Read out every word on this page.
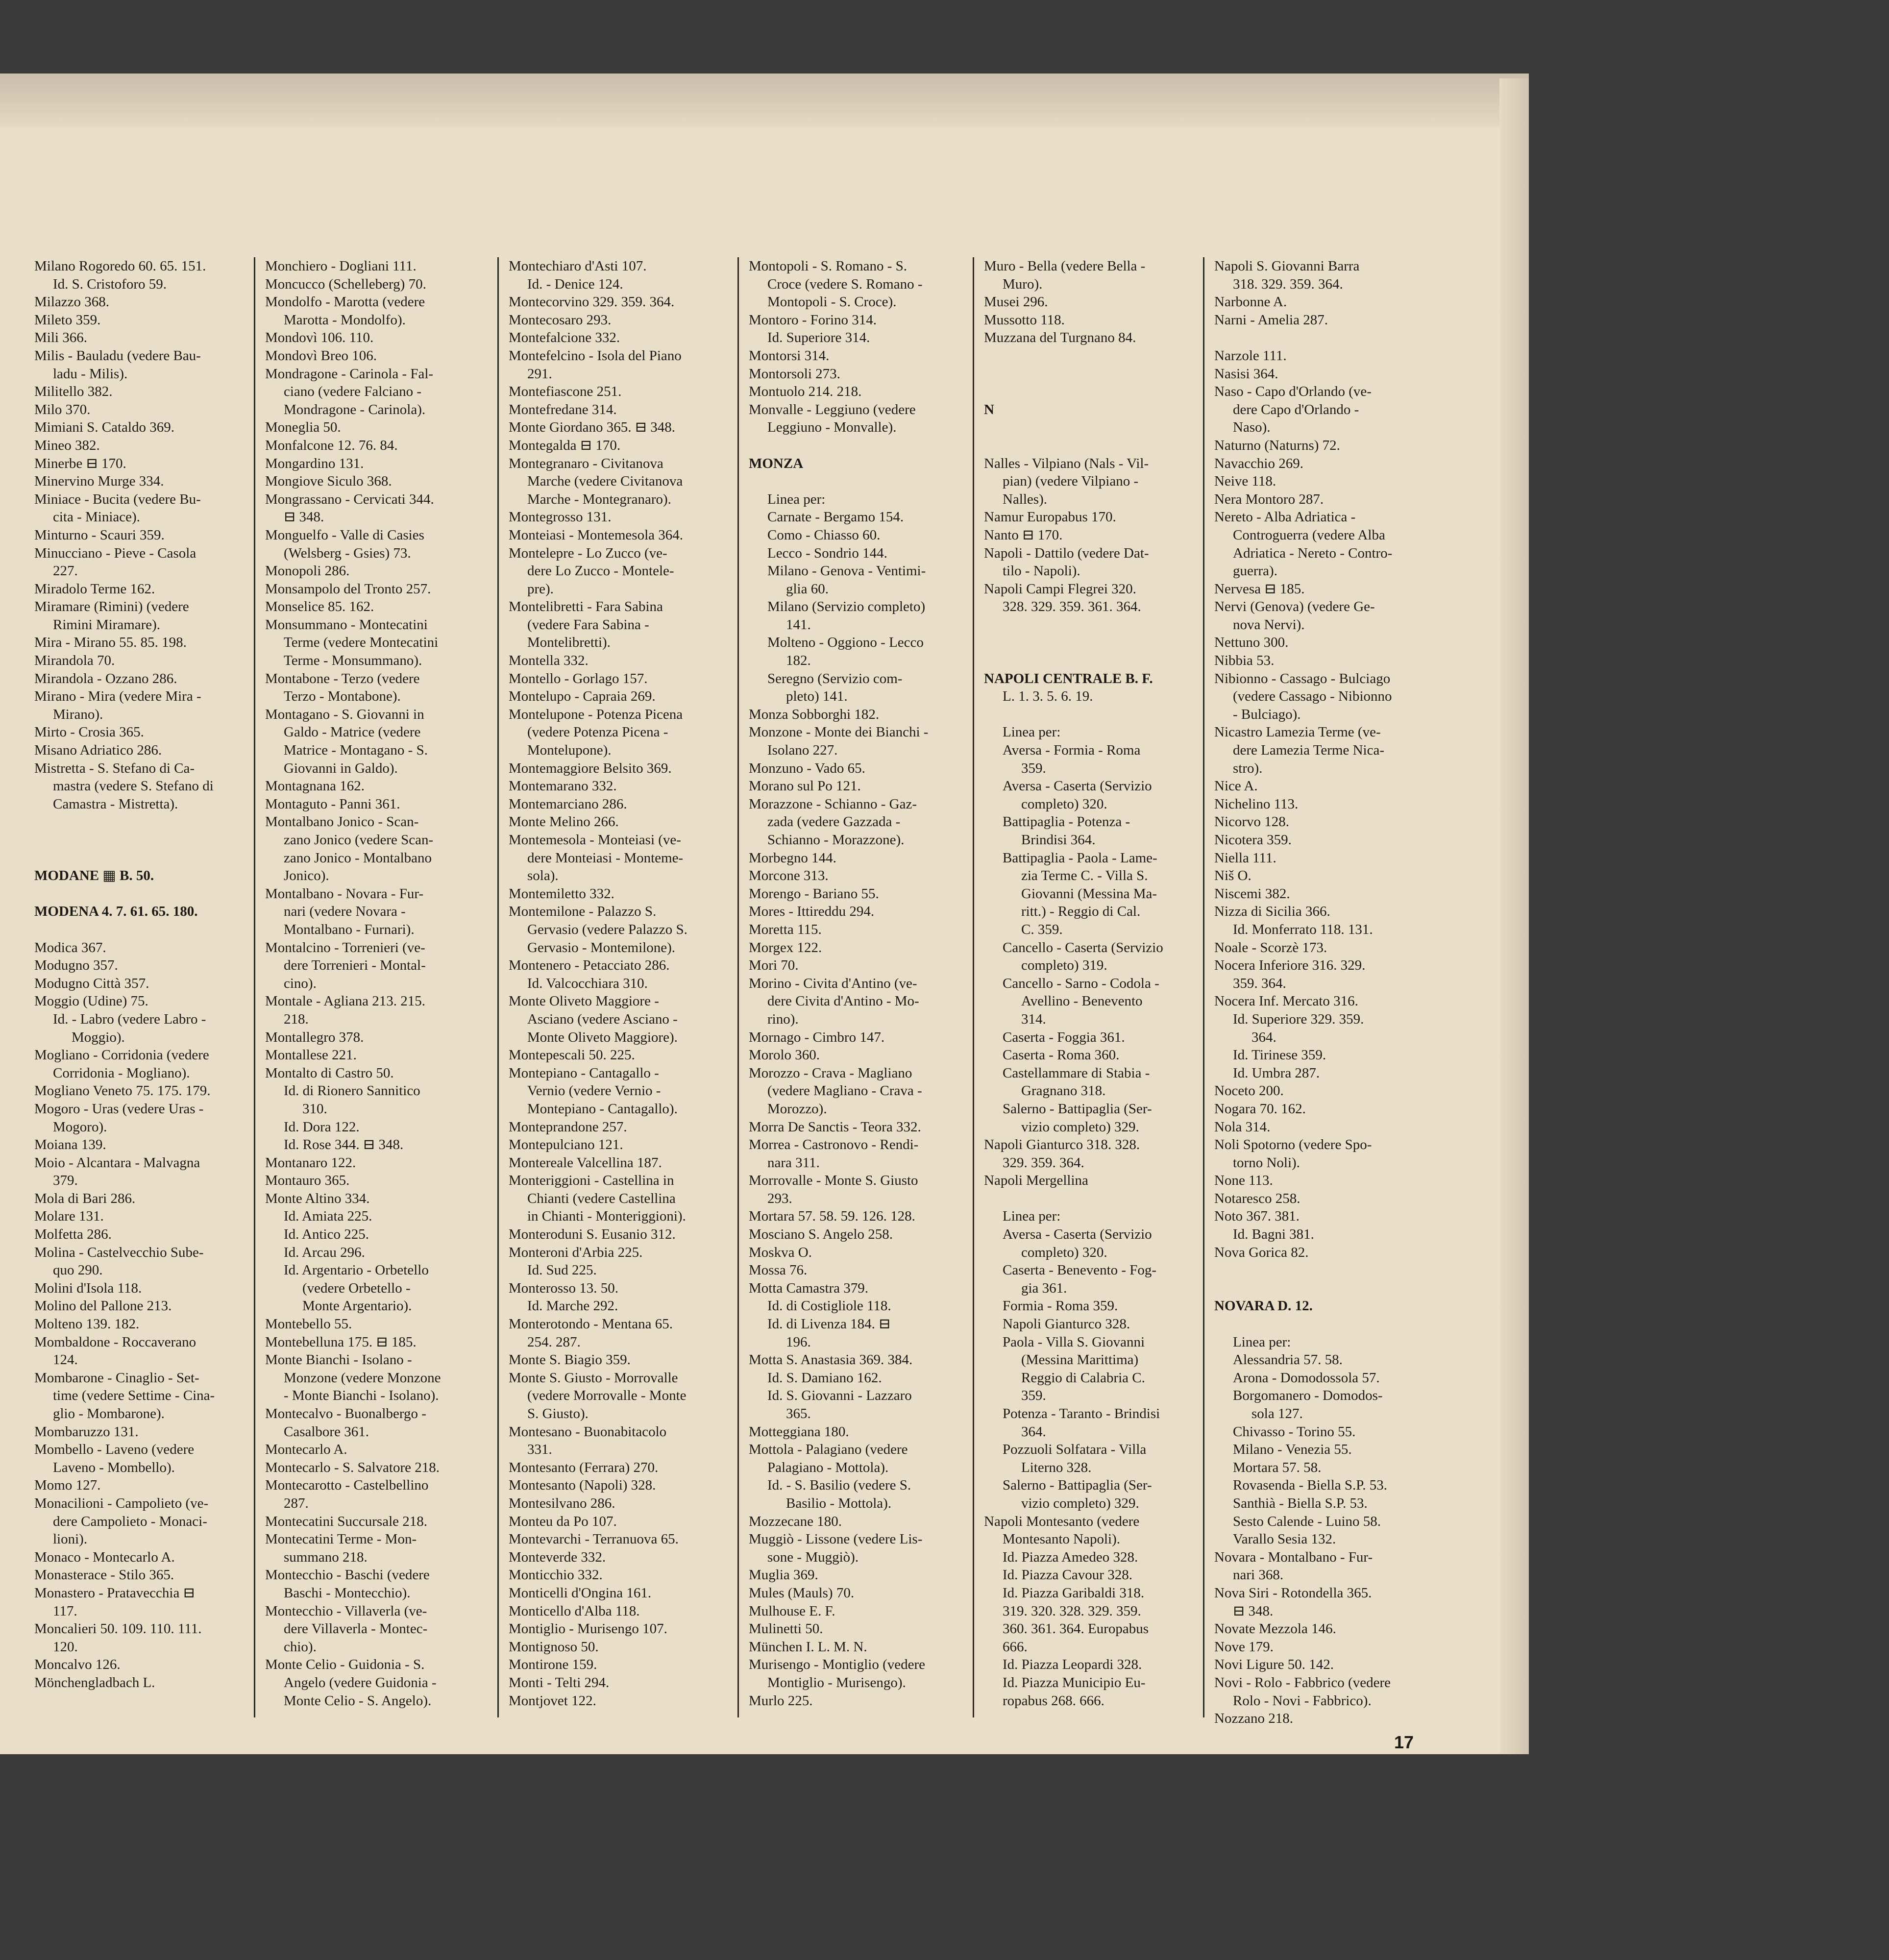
Milano Rogoredo 60. 65. 151.
Id. S. Cristoforo 59.
Milazzo 368.
Mileto 359.
Mili 366.
Milis - Bauladu (vedere Bau-
ladu - Milis).
Militello 382.
Milo 370.
Mimiani S. Cataldo 369.
Mineo 382.
Minerbe ⊟ 170.
Minervino Murge 334.
Miniace - Bucita (vedere Bu-
cita - Miniace).
Minturno - Scauri 359.
Minucciano - Pieve - Casola
227.
Miradolo Terme 162.
Miramare (Rimini) (vedere
Rimini Miramare).
Mira - Mirano 55. 85. 198.
Mirandola 70.
Mirandola - Ozzano 286.
Mirano - Mira (vedere Mira -
Mirano).
Mirto - Crosia 365.
Misano Adriatico 286.
Mistretta - S. Stefano di Ca-
mastra (vedere S. Stefano di
Camastra - Mistretta).
MODANE ▦ B. 50.
MODENA 4. 7. 61. 65. 180.
Modica 367.
Modugno 357.
Modugno Città 357.
Moggio (Udine) 75.
Id. - Labro (vedere Labro -
Moggio).
Mogliano - Corridonia (vedere
Corridonia - Mogliano).
Mogliano Veneto 75. 175. 179.
Mogoro - Uras (vedere Uras -
Mogoro).
Moiana 139.
Moio - Alcantara - Malvagna
379.
Mola di Bari 286.
Molare 131.
Molfetta 286.
Molina - Castelvecchio Sube-
quo 290.
Molini d'Isola 118.
Molino del Pallone 213.
Molteno 139. 182.
Mombaldone - Roccaverano
124.
Mombarone - Cinaglio - Set-
time (vedere Settime - Cina-
glio - Mombarone).
Mombaruzzo 131.
Mombello - Laveno (vedere
Laveno - Mombello).
Momo 127.
Monacilioni - Campolieto (ve-
dere Campolieto - Monaci-
lioni).
Monaco - Montecarlo A.
Monasterace - Stilo 365.
Monastero - Pratavecchia ⊟
117.
Moncalieri 50. 109. 110. 111.
120.
Moncalvo 126.
Mönchengladbach L.
Monchiero - Dogliani 111.
Moncucco (Schelleberg) 70.
Mondolfo - Marotta (vedere
Marotta - Mondolfo).
Mondovì 106. 110.
Mondovì Breo 106.
Mondragone - Carinola - Fal-
ciano (vedere Falciano -
Mondragone - Carinola).
Moneglia 50.
Monfalcone 12. 76. 84.
Mongardino 131.
Mongiove Siculo 368.
Mongrassano - Cervicati 344.
⊟ 348.
Monguelfo - Valle di Casies
(Welsberg - Gsies) 73.
Monopoli 286.
Monsampolo del Tronto 257.
Monselice 85. 162.
Monsummano - Montecatini
Terme (vedere Montecatini
Terme - Monsummano).
Montabone - Terzo (vedere
Terzo - Montabone).
Montagano - S. Giovanni in
Galdo - Matrice (vedere
Matrice - Montagano - S.
Giovanni in Galdo).
Montagnana 162.
Montaguto - Panni 361.
Montalbano Jonico - Scan-
zano Jonico (vedere Scan-
zano Jonico - Montalbano
Jonico).
Montalbano - Novara - Fur-
nari (vedere Novara -
Montalbano - Furnari).
Montalcino - Torrenieri (ve-
dere Torrenieri - Montal-
cino).
Montale - Agliana 213. 215.
218.
Montallegro 378.
Montallese 221.
Montalto di Castro 50.
Id. di Rionero Sannitico
310.
Id. Dora 122.
Id. Rose 344. ⊟ 348.
Montanaro 122.
Montauro 365.
Monte Altino 334.
Id. Amiata 225.
Id. Antico 225.
Id. Arcau 296.
Id. Argentario - Orbetello
(vedere Orbetello -
Monte Argentario).
Montebello 55.
Montebelluna 175. ⊟ 185.
Monte Bianchi - Isolano -
Monzone (vedere Monzone
- Monte Bianchi - Isolano).
Montecalvo - Buonalbergo -
Casalbore 361.
Montecarlo A.
Montecarlo - S. Salvatore 218.
Montecarotto - Castelbellino
287.
Montecatini Succursale 218.
Montecatini Terme - Mon-
summano 218.
Montecchio - Baschi (vedere
Baschi - Montecchio).
Montecchio - Villaverla (ve-
dere Villaverla - Montec-
chio).
Monte Celio - Guidonia - S.
Angelo (vedere Guidonia -
Monte Celio - S. Angelo).
Montechiaro d'Asti 107.
Id. - Denice 124.
Montecorvino 329. 359. 364.
Montecosaro 293.
Montefalcione 332.
Montefelcino - Isola del Piano
291.
Montefiascone 251.
Montefredane 314.
Monte Giordano 365. ⊟ 348.
Montegalda ⊟ 170.
Montegranaro - Civitanova
Marche (vedere Civitanova
Marche - Montegranaro).
Montegrosso 131.
Monteiasi - Montemesola 364.
Montelepre - Lo Zucco (ve-
dere Lo Zucco - Montele-
pre).
Montelibretti - Fara Sabina
(vedere Fara Sabina -
Montelibretti).
Montella 332.
Montello - Gorlago 157.
Montelupo - Capraia 269.
Montelupone - Potenza Picena
(vedere Potenza Picena -
Montelupone).
Montemaggiore Belsito 369.
Montemarano 332.
Montemarciano 286.
Monte Melino 266.
Montemesola - Monteiasi (ve-
dere Monteiasi - Monteme-
sola).
Montemiletto 332.
Montemilone - Palazzo S.
Gervasio (vedere Palazzo S.
Gervasio - Montemilone).
Montenero - Petacciato 286.
Id. Valcocchiara 310.
Monte Oliveto Maggiore -
Asciano (vedere Asciano -
Monte Oliveto Maggiore).
Montepescali 50. 225.
Montepiano - Cantagallo -
Vernio (vedere Vernio -
Montepiano - Cantagallo).
Monteprandone 257.
Montepulciano 121.
Montereale Valcellina 187.
Monteriggioni - Castellina in
Chianti (vedere Castellina
in Chianti - Monteriggioni).
Monteroduni S. Eusanio 312.
Monteroni d'Arbia 225.
Id. Sud 225.
Monterosso 13. 50.
Id. Marche 292.
Monterotondo - Mentana 65.
254. 287.
Monte S. Biagio 359.
Monte S. Giusto - Morrovalle
(vedere Morrovalle - Monte
S. Giusto).
Montesano - Buonabitacolo
331.
Montesanto (Ferrara) 270.
Montesanto (Napoli) 328.
Montesilvano 286.
Monteu da Po 107.
Montevarchi - Terranuova 65.
Monteverde 332.
Monticchio 332.
Monticelli d'Ongina 161.
Monticello d'Alba 118.
Montiglio - Murisengo 107.
Montignoso 50.
Montirone 159.
Monti - Telti 294.
Montjovet 122.
Montopoli - S. Romano - S.
Croce (vedere S. Romano -
Montopoli - S. Croce).
Montoro - Forino 314.
Id. Superiore 314.
Montorsi 314.
Montorsoli 273.
Montuolo 214. 218.
Monvalle - Leggiuno (vedere
Leggiuno - Monvalle).
MONZA
Linea per:
Carnate - Bergamo 154.
Como - Chiasso 60.
Lecco - Sondrio 144.
Milano - Genova - Ventimi-
glia 60.
Milano (Servizio completo)
141.
Molteno - Oggiono - Lecco
182.
Seregno (Servizio com-
pleto) 141.
Monza Sobborghi 182.
Monzone - Monte dei Bianchi -
Isolano 227.
Monzuno - Vado 65.
Morano sul Po 121.
Morazzone - Schianno - Gaz-
zada (vedere Gazzada -
Schianno - Morazzone).
Morbegno 144.
Morcone 313.
Morengo - Bariano 55.
Mores - Ittireddu 294.
Moretta 115.
Morgex 122.
Mori 70.
Morino - Civita d'Antino (ve-
dere Civita d'Antino - Mo-
rino).
Mornago - Cimbro 147.
Morolo 360.
Morozzo - Crava - Magliano
(vedere Magliano - Crava -
Morozzo).
Morra De Sanctis - Teora 332.
Morrea - Castronovo - Rendi-
nara 311.
Morrovalle - Monte S. Giusto
293.
Mortara 57. 58. 59. 126. 128.
Mosciano S. Angelo 258.
Moskva O.
Mossa 76.
Motta Camastra 379.
Id. di Costigliole 118.
Id. di Livenza 184. ⊟
196.
Motta S. Anastasia 369. 384.
Id. S. Damiano 162.
Id. S. Giovanni - Lazzaro
365.
Motteggiana 180.
Mottola - Palagiano (vedere
Palagiano - Mottola).
Id. - S. Basilio (vedere S.
Basilio - Mottola).
Mozzecane 180.
Muggiò - Lissone (vedere Lis-
sone - Muggiò).
Muglia 369.
Mules (Mauls) 70.
Mulhouse E. F.
Mulinetti 50.
München I. L. M. N.
Murisengo - Montiglio (vedere
Montiglio - Murisengo).
Murlo 225.
Muro - Bella (vedere Bella -
Muro).
Musei 296.
Mussotto 118.
Muzzana del Turgnano 84.
N
Nalles - Vilpiano (Nals - Vil-
pian) (vedere Vilpiano -
Nalles).
Namur Europabus 170.
Nanto ⊟ 170.
Napoli - Dattilo (vedere Dat-
tilo - Napoli).
Napoli Campi Flegrei 320.
328. 329. 359. 361. 364.
NAPOLI CENTRALE B. F.
L. 1. 3. 5. 6. 19.
Linea per:
Aversa - Formia - Roma
359.
Aversa - Caserta (Servizio
completo) 320.
Battipaglia - Potenza -
Brindisi 364.
Battipaglia - Paola - Lame-
zia Terme C. - Villa S.
Giovanni (Messina Ma-
ritt.) - Reggio di Cal.
C. 359.
Cancello - Caserta (Servizio
completo) 319.
Cancello - Sarno - Codola -
Avellino - Benevento
314.
Caserta - Foggia 361.
Caserta - Roma 360.
Castellammare di Stabia -
Gragnano 318.
Salerno - Battipaglia (Ser-
vizio completo) 329.
Napoli Gianturco 318. 328.
329. 359. 364.
Napoli Mergellina
Linea per:
Aversa - Caserta (Servizio
completo) 320.
Caserta - Benevento - Fog-
gia 361.
Formia - Roma 359.
Napoli Gianturco 328.
Paola - Villa S. Giovanni
(Messina Marittima)
Reggio di Calabria C.
359.
Potenza - Taranto - Brindisi
364.
Pozzuoli Solfatara - Villa
Literno 328.
Salerno - Battipaglia (Ser-
vizio completo) 329.
Napoli Montesanto (vedere
Montesanto Napoli).
Id. Piazza Amedeo 328.
Id. Piazza Cavour 328.
Id. Piazza Garibaldi 318.
319. 320. 328. 329. 359.
360. 361. 364. Europabus
666.
Id. Piazza Leopardi 328.
Id. Piazza Municipio Eu-
ropabus 268. 666.
Napoli S. Giovanni Barra
318. 329. 359. 364.
Narbonne A.
Narni - Amelia 287.
Narzole 111.
Nasisi 364.
Naso - Capo d'Orlando (ve-
dere Capo d'Orlando -
Naso).
Naturno (Naturns) 72.
Navacchio 269.
Neive 118.
Nera Montoro 287.
Nereto - Alba Adriatica -
Controguerra (vedere Alba
Adriatica - Nereto - Contro-
guerra).
Nervesa ⊟ 185.
Nervi (Genova) (vedere Ge-
nova Nervi).
Nettuno 300.
Nibbia 53.
Nibionno - Cassago - Bulciago
(vedere Cassago - Nibionno
- Bulciago).
Nicastro Lamezia Terme (ve-
dere Lamezia Terme Nica-
stro).
Nice A.
Nichelino 113.
Nicorvo 128.
Nicotera 359.
Niella 111.
Niš O.
Niscemi 382.
Nizza di Sicilia 366.
Id. Monferrato 118. 131.
Noale - Scorzè 173.
Nocera Inferiore 316. 329.
359. 364.
Nocera Inf. Mercato 316.
Id. Superiore 329. 359.
364.
Id. Tirinese 359.
Id. Umbra 287.
Noceto 200.
Nogara 70. 162.
Nola 314.
Noli Spotorno (vedere Spo-
torno Noli).
None 113.
Notaresco 258.
Noto 367. 381.
Id. Bagni 381.
Nova Gorica 82.
NOVARA D. 12.
Linea per:
Alessandria 57. 58.
Arona - Domodossola 57.
Borgomanero - Domodos-
sola 127.
Chivasso - Torino 55.
Milano - Venezia 55.
Mortara 57. 58.
Rovasenda - Biella S.P. 53.
Santhià - Biella S.P. 53.
Sesto Calende - Luino 58.
Varallo Sesia 132.
Novara - Montalbano - Fur-
nari 368.
Nova Siri - Rotondella 365.
⊟ 348.
Novate Mezzola 146.
Nove 179.
Novi Ligure 50. 142.
Novi - Rolo - Fabbrico (vedere
Rolo - Novi - Fabbrico).
Nozzano 218.
17
